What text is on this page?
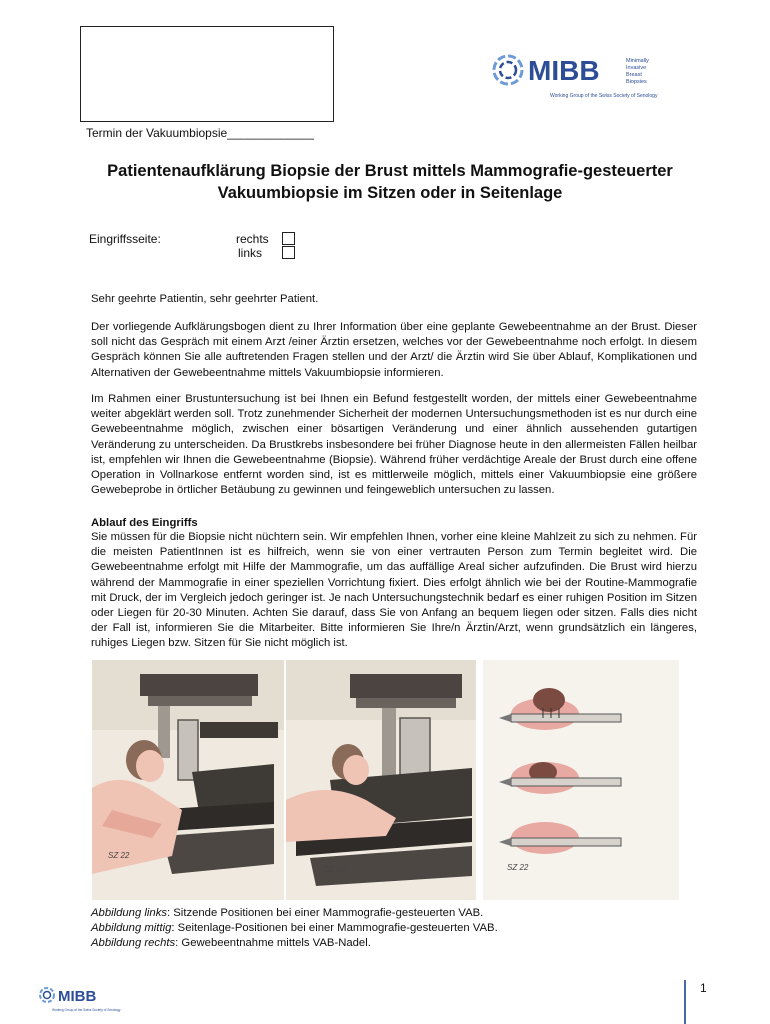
MIBB	Minimally
Invasive
Breast
Biopsies
Working Group of the Swiss Society of Senology
Termin der Vakuumbiopsie_____________
Patientenaufklärung Biopsie der Brust mittels Mammografie-gesteuerter
Vakuumbiopsie im Sitzen oder in Seitenlage
Eingriffsseite:	rechts
links
Sehr geehrte Patientin, sehr geehrter Patient.
Der vorliegende Aufklärungsbogen dient zu Ihrer Information über eine geplante Gewebeentnahme an der Brust. Dieser soll nicht das Gespräch mit einem Arzt /einer Ärztin ersetzen, welches vor der Gewebeentnahme noch erfolgt. In diesem Gespräch können Sie alle auftretenden Fragen stellen und der Arzt/ die Ärztin wird Sie über Ablauf, Komplikationen und Alternativen der Gewebeentnahme mittels Vakuumbiopsie informieren.
Im Rahmen einer Brustuntersuchung ist bei Ihnen ein Befund festgestellt worden, der mittels einer Gewebeentnahme weiter abgeklärt werden soll. Trotz zunehmender Sicherheit der modernen Untersuchungsmethoden ist es nur durch eine Gewebeentnahme möglich, zwischen einer bösartigen Veränderung und einer ähnlich aussehenden gutartigen Veränderung zu unterscheiden. Da Brustkrebs insbesondere bei früher Diagnose heute in den allermeisten Fällen heilbar ist, empfehlen wir Ihnen die Gewebeentnahme (Biopsie). Während früher verdächtige Areale der Brust durch eine offene Operation in Vollnarkose entfernt worden sind, ist es mittlerweile möglich, mittels einer Vakuumbiopsie eine größere Gewebeprobe in örtlicher Betäubung zu gewinnen und feingeweblich untersuchen zu lassen.
Ablauf des Eingriffs
Sie müssen für die Biopsie nicht nüchtern sein. Wir empfehlen Ihnen, vorher eine kleine Mahlzeit zu sich zu nehmen. Für die meisten PatientInnen ist es hilfreich, wenn sie von einer vertrauten Person zum Termin begleitet wird. Die Gewebeentnahme erfolgt mit Hilfe der Mammografie, um das auffällige Areal sicher aufzufinden. Die Brust wird hierzu während der Mammografie in einer speziellen Vorrichtung fixiert. Dies erfolgt ähnlich wie bei der Routine-Mammografie mit Druck, der im Vergleich jedoch geringer ist. Je nach Untersuchungstechnik bedarf es einer ruhigen Position im Sitzen oder Liegen für 20-30 Minuten. Achten Sie darauf, dass Sie von Anfang an bequem liegen oder sitzen. Falls dies nicht der Fall ist, informieren Sie die Mitarbeiter. Bitte informieren Sie Ihre/n Ärztin/Arzt, wenn grundsätzlich ein längeres, ruhiges Liegen bzw. Sitzen für Sie nicht möglich ist.
SZ 22
SZ 22	SZ 22
Abbildung links: Sitzende Positionen bei einer Mammografie-gesteuerten VAB.
Abbildung mittig: Seitenlage-Positionen bei einer Mammografie-gesteuerten VAB.
Abbildung rechts: Gewebeentnahme mittels VAB-Nadel.
1
MIBB
Working Group of the Swiss Society of Senology
